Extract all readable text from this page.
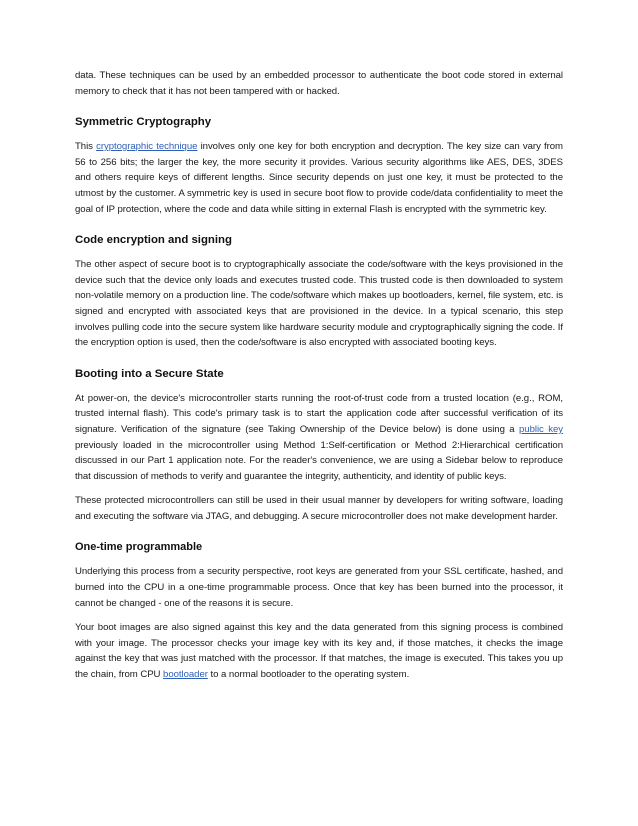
data. These techniques can be used by an embedded processor to authenticate the boot code stored in external memory to check that it has not been tampered with or hacked.

Symmetric Cryptography

This cryptographic technique involves only one key for both encryption and decryption. The key size can vary from 56 to 256 bits; the larger the key, the more security it provides. Various security algorithms like AES, DES, 3DES and others require keys of different lengths. Since security depends on just one key, it must be protected to the utmost by the customer. A symmetric key is used in secure boot flow to provide code/data confidentiality to meet the goal of IP protection, where the code and data while sitting in external Flash is encrypted with the symmetric key.

Code encryption and signing

The other aspect of secure boot is to cryptographically associate the code/software with the keys provisioned in the device such that the device only loads and executes trusted code. This trusted code is then downloaded to system non-volatile memory on a production line. The code/software which makes up bootloaders, kernel, file system, etc. is signed and encrypted with associated keys that are provisioned in the device. In a typical scenario, this step involves pulling code into the secure system like hardware security module and cryptographically signing the code. If the encryption option is used, then the code/software is also encrypted with associated booting keys.

Booting into a Secure State

At power-on, the device's microcontroller starts running the root-of-trust code from a trusted location (e.g., ROM, trusted internal flash). This code's primary task is to start the application code after successful verification of its signature. Verification of the signature (see Taking Ownership of the Device below) is done using a public key previously loaded in the microcontroller using Method 1:Self-certification or Method 2:Hierarchical certification discussed in our Part 1 application note. For the reader's convenience, we are using a Sidebar below to reproduce that discussion of methods to verify and guarantee the integrity, authenticity, and identity of public keys.

These protected microcontrollers can still be used in their usual manner by developers for writing software, loading and executing the software via JTAG, and debugging. A secure microcontroller does not make development harder.

One-time programmable

Underlying this process from a security perspective, root keys are generated from your SSL certificate, hashed, and burned into the CPU in a one-time programmable process. Once that key has been burned into the processor, it cannot be changed - one of the reasons it is secure.

Your boot images are also signed against this key and the data generated from this signing process is combined with your image. The processor checks your image key with its key and, if those matches, it checks the image against the key that was just matched with the processor. If that matches, the image is executed. This takes you up the chain, from CPU bootloader to a normal bootloader to the operating system.
